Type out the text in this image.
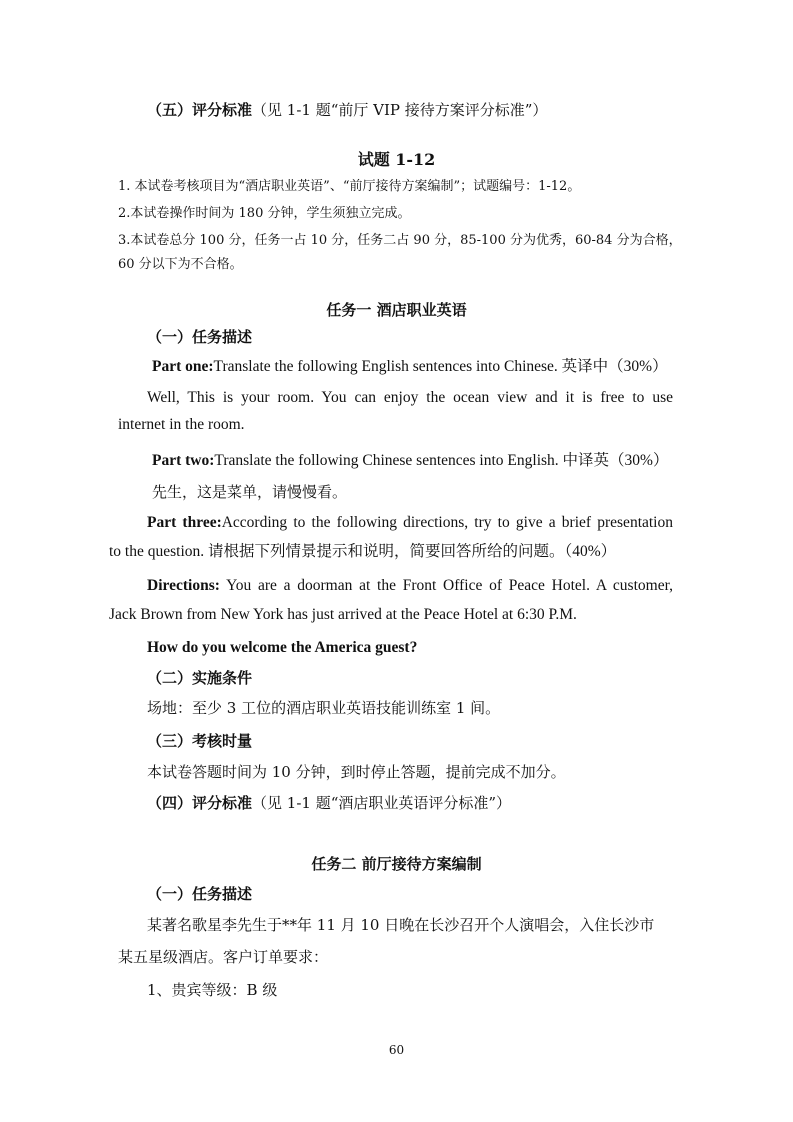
（五）评分标准（见 1-1 题“前厅 VIP 接待方案评分标准”）
试题 1-12
1. 本试卷考核项目为“酒店职业英语”、“前厅接待方案编制”；试题编号：1-12。
2.本试卷操作时间为 180 分钟，学生须独立完成。
3.本试卷总分 100 分，任务一占 10 分，任务二占 90 分，85-100 分为优秀，60-84 分为合格，
60 分以下为不合格。
任务一 酒店职业英语
（一）任务描述
Part one:Translate the following English sentences into Chinese. 英译中（30%）
Well, This is your room. You can enjoy the ocean view and it is free to use
internet in the room.
Part two:Translate the following Chinese sentences into English. 中译英（30%）
先生，这是菜单，请慢慢看。
Part three:According to the following directions, try to give a brief presentation
to the question. 请根据下列情景提示和说明，简要回答所给的问题。（40%）
Directions: You are a doorman at the Front Office of Peace Hotel. A customer,
Jack Brown from New York has just arrived at the Peace Hotel at 6:30 P.M.
How do you welcome the America guest?
（二）实施条件
场地：至少 3 工位的酒店职业英语技能训练室 1 间。
（三）考核时量
本试卷答题时间为 10 分钟，到时停止答题，提前完成不加分。
（四）评分标准（见 1-1 题“酒店职业英语评分标准”）
任务二 前厅接待方案编制
（一）任务描述
某著名歌星李先生于**年 11 月 10 日晚在长沙召开个人演唱会，入住长沙市
某五星级酒店。客户订单要求：
1、贵宾等级：B 级
60
